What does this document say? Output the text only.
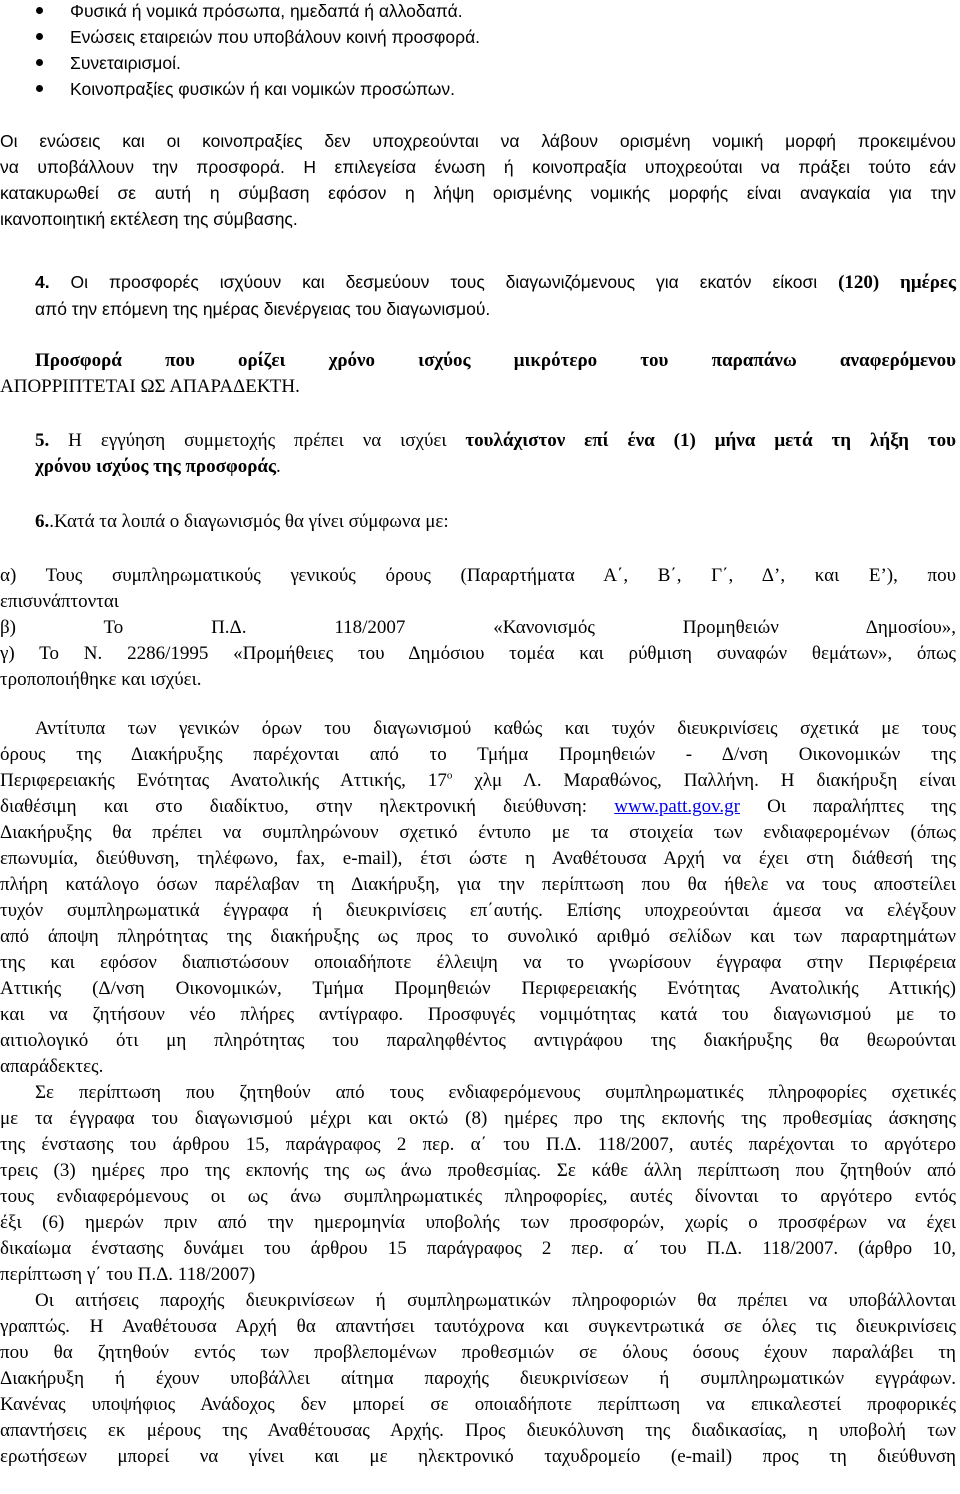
Φυσικά ή νομικά πρόσωπα, ημεδαπά ή αλλοδαπά.
Ενώσεις εταιρειών που υποβάλουν κοινή προσφορά.
Συνεταιρισμοί.
Κοινοπραξίες φυσικών ή και νομικών προσώπων.
Οι ενώσεις και οι κοινοπραξίες δεν υποχρεούνται να λάβουν ορισμένη νομική μορφή προκειμένου
να υποβάλλουν την προσφορά. Η επιλεγείσα ένωση ή κοινοπραξία υποχρεούται να πράξει τούτο εάν
κατακυρωθεί σε αυτή η σύμβαση εφόσον η λήψη ορισμένης νομικής μορφής είναι αναγκαία για την
ικανοποιητική εκτέλεση της σύμβασης.
4. Οι προσφορές ισχύουν και δεσμεύουν τους διαγωνιζόμενους για εκατόν είκοσι (120) ημέρες
από την επόμενη της ημέρας διενέργειας του διαγωνισμού.
Προσφορά που ορίζει χρόνο ισχύος μικρότερο του παραπάνω αναφερόμενου
ΑΠΟΡΡΙΠΤΕΤΑΙ ΩΣ ΑΠΑΡΑΔΕΚΤΗ.
5. Η εγγύηση συμμετοχής πρέπει να ισχύει τουλάχιστον επί ένα (1) μήνα μετά τη λήξη του
χρόνου ισχύος της προσφοράς.
6..Κατά τα λοιπά ο διαγωνισμός θα γίνει σύμφωνα με:
α) Τους συμπληρωματικούς γενικούς όρους (Παραρτήματα Α΄, Β΄, Γ΄, Δ’, και Ε’), που
επισυνάπτονται
β) Το Π.Δ. 118/2007 «Κανονισμός Προμηθειών Δημοσίου»,
γ) Το Ν. 2286/1995 «Προμήθειες του Δημόσιου τομέα και ρύθμιση συναφών θεμάτων», όπως
τροποποιήθηκε και ισχύει.
Αντίτυπα των γενικών όρων του διαγωνισμού καθώς και τυχόν διευκρινίσεις σχετικά με τους
όρους της Διακήρυξης παρέχονται από το Τμήμα Προμηθειών - Δ/νση Οικονομικών της
Περιφερειακής Ενότητας Ανατολικής Αττικής, $17^o$ χλμ Λ. Μαραθώνος, Παλλήνη. Η διακήρυξη είναι
διαθέσιμη και στο διαδίκτυο, στην ηλεκτρονική διεύθυνση: www.patt.gov.gr Οι παραλήπτες της
Διακήρυξης θα πρέπει να συμπληρώνουν σχετικό έντυπο με τα στοιχεία των ενδιαφερομένων (όπως
επωνυμία, διεύθυνση, τηλέφωνο, fax, e-mail), έτσι ώστε η Αναθέτουσα Αρχή να έχει στη διάθεσή της
πλήρη κατάλογο όσων παρέλαβαν τη Διακήρυξη, για την περίπτωση που θα ήθελε να τους αποστείλει
τυχόν συμπληρωματικά έγγραφα ή διευκρινίσεις επ΄αυτής. Επίσης υποχρεούνται άμεσα να ελέγξουν
από άποψη πληρότητας της διακήρυξης ως προς το συνολικό αριθμό σελίδων και των παραρτημάτων
της και εφόσον διαπιστώσουν οποιαδήποτε έλλειψη να το γνωρίσουν έγγραφα στην Περιφέρεια
Αττικής (Δ/νση Οικονομικών, Τμήμα Προμηθειών Περιφερειακής Ενότητας Ανατολικής Αττικής)
και να ζητήσουν νέο πλήρες αντίγραφο. Προσφυγές νομιμότητας κατά του διαγωνισμού με το
αιτιολογικό ότι μη πληρότητας του παραληφθέντος αντιγράφου της διακήρυξης θα θεωρούνται
απαράδεκτες.
Σε περίπτωση που ζητηθούν από τους ενδιαφερόμενους συμπληρωματικές πληροφορίες σχετικές
με τα έγγραφα του διαγωνισμού μέχρι και οκτώ (8) ημέρες προ της εκπονής της προθεσμίας άσκησης
της ένστασης του άρθρου 15, παράγραφος 2 περ. α΄ του Π.Δ. 118/2007, αυτές παρέχονται το αργότερο
τρεις (3) ημέρες προ της εκπονής της ως άνω προθεσμίας. Σε κάθε άλλη περίπτωση που ζητηθούν από
τους ενδιαφερόμενους οι ως άνω συμπληρωματικές πληροφορίες, αυτές δίνονται το αργότερο εντός
έξι (6) ημερών πριν από την ημερομηνία υποβολής των προσφορών, χωρίς ο προσφέρων να έχει
δικαίωμα ένστασης δυνάμει του άρθρου 15 παράγραφος 2 περ. α΄ του Π.Δ. 118/2007. (άρθρο 10,
περίπτωση γ΄ του Π.Δ. 118/2007)
Οι αιτήσεις παροχής διευκρινίσεων ή συμπληρωματικών πληροφοριών θα πρέπει να υποβάλλονται
γραπτώς. Η Αναθέτουσα Αρχή θα απαντήσει ταυτόχρονα και συγκεντρωτικά σε όλες τις διευκρινίσεις
που θα ζητηθούν εντός των προβλεπομένων προθεσμιών σε όλους όσους έχουν παραλάβει τη
Διακήρυξη ή έχουν υποβάλλει αίτημα παροχής διευκρινίσεων ή συμπληρωματικών εγγράφων.
Κανένας υποψήφιος Ανάδοχος δεν μπορεί σε οποιαδήποτε περίπτωση να επικαλεστεί προφορικές
απαντήσεις εκ μέρους της Αναθέτουσας Αρχής. Προς διευκόλυνση της διαδικασίας, η υποβολή των
ερωτήσεων μπορεί να γίνει και με ηλεκτρονικό ταχυδρομείο (e-mail) προς τη διεύθυνση
